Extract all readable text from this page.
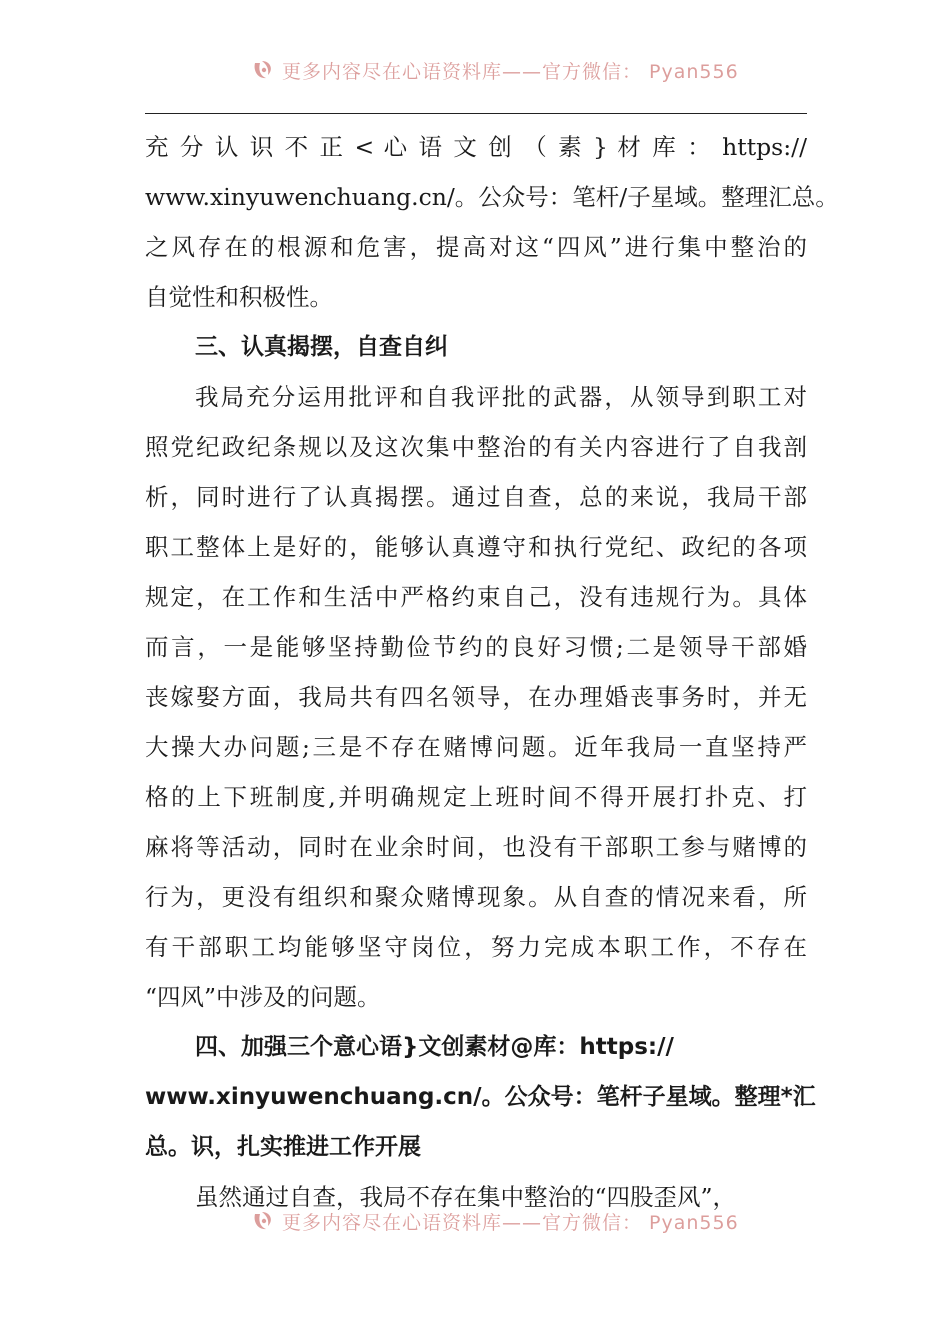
更多内容尽在心语资料库——官方微信： Pyan556
充 分 认 识 不 正 < 心 语 文 创 （ 素 } 材 库 ： https://
www.xinyuwenchuang.cn/。公众号：笔杆/子星域。整理汇总。
之风存在的根源和危害，提高对这“四风”进行集中整治的
自觉性和积极性。
三、认真揭摆，自查自纠
我局充分运用批评和自我评批的武器，从领导到职工对
照党纪政纪条规以及这次集中整治的有关内容进行了自我剖
析，同时进行了认真揭摆。通过自查，总的来说，我局干部
职工整体上是好的，能够认真遵守和执行党纪、政纪的各项
规定，在工作和生活中严格约束自己，没有违规行为。具体
而言，一是能够坚持勤俭节约的良好习惯;二是领导干部婚
丧嫁娶方面，我局共有四名领导，在办理婚丧事务时，并无
大操大办问题;三是不存在赌博问题。近年我局一直坚持严
格的上下班制度,并明确规定上班时间不得开展打扑克、打
麻将等活动，同时在业余时间，也没有干部职工参与赌博的
行为，更没有组织和聚众赌博现象。从自查的情况来看，所
有干部职工均能够坚守岗位，努力完成本职工作，不存在
“四风”中涉及的问题。
四、加强三个意心语}文创素材@库：https://
www.xinyuwenchuang.cn/。公众号：笔杆子星域。整理*汇
总。识，扎实推进工作开展
虽然通过自查，我局不存在集中整治的“四股歪风”，
更多内容尽在心语资料库——官方微信： Pyan556
